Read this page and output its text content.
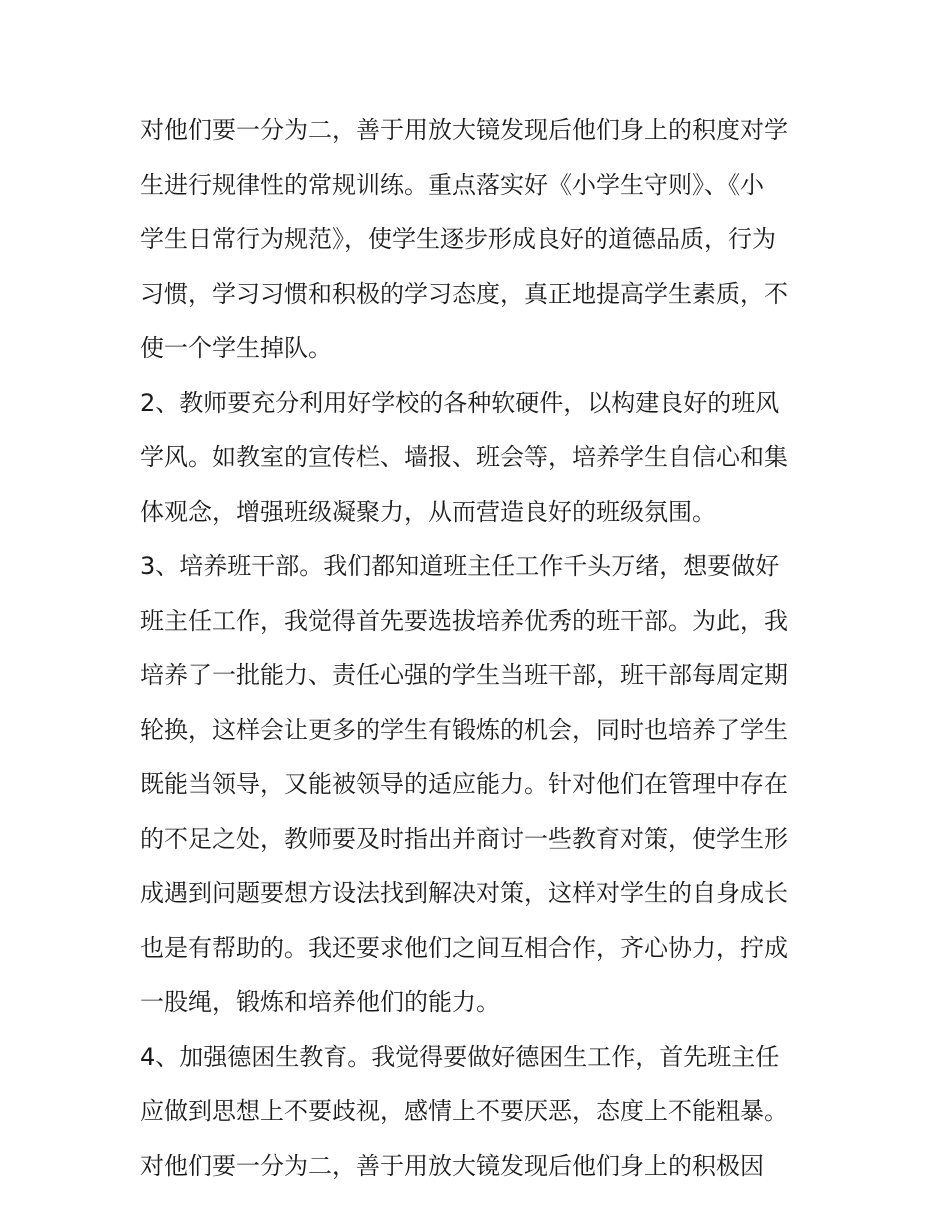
对他们要一分为二，善于用放大镜发现后他们身上的积度对学
生进行规律性的常规训练。重点落实好《小学生守则》、《小
学生日常行为规范》，使学生逐步形成良好的道德品质，行为
习惯，学习习惯和积极的学习态度，真正地提高学生素质，不
使一个学生掉队。
2、教师要充分利用好学校的各种软硬件，以构建良好的班风
学风。如教室的宣传栏、墙报、班会等，培养学生自信心和集
体观念，增强班级凝聚力，从而营造良好的班级氛围。
3、培养班干部。我们都知道班主任工作千头万绪，想要做好
班主任工作，我觉得首先要选拔培养优秀的班干部。为此，我
培养了一批能力、责任心强的学生当班干部，班干部每周定期
轮换，这样会让更多的学生有锻炼的机会，同时也培养了学生
既能当领导，又能被领导的适应能力。针对他们在管理中存在
的不足之处，教师要及时指出并商讨一些教育对策，使学生形
成遇到问题要想方设法找到解决对策，这样对学生的自身成长
也是有帮助的。我还要求他们之间互相合作，齐心协力，拧成
一股绳，锻炼和培养他们的能力。
4、加强德困生教育。我觉得要做好德困生工作，首先班主任
应做到思想上不要歧视，感情上不要厌恶，态度上不能粗暴。
对他们要一分为二，善于用放大镜发现后他们身上的积极因
